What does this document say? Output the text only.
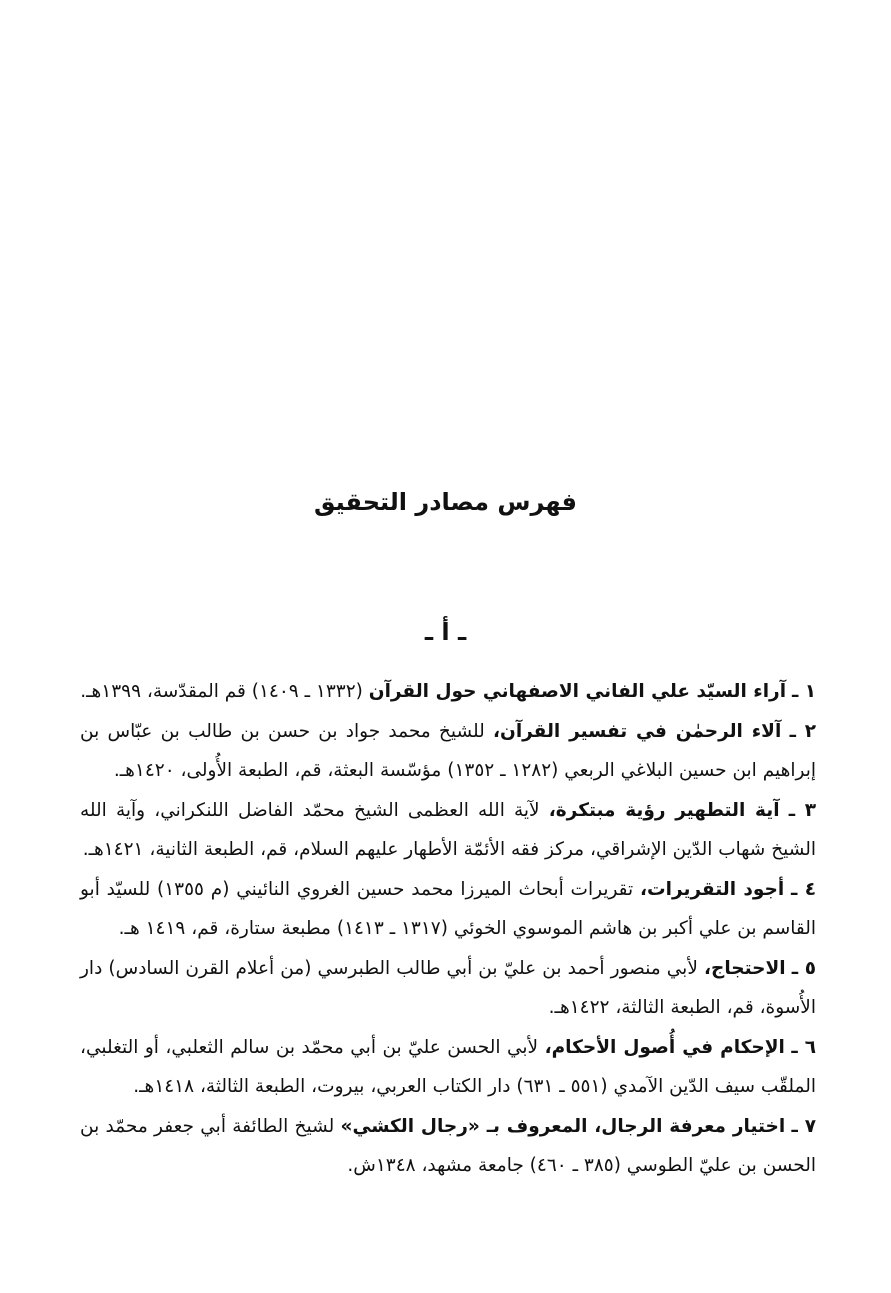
فهرس مصادر التحقيق
ـ أ ـ

١ ـ آراء السيّد علي الفاني الاصفهاني حول القرآن (١٣٣٢ ـ ١٤٠٩) قم المقدّسة، ١٣٩٩هـ.

٢ ـ آلاء الرحمٰن في تفسير القرآن، للشيخ محمد جواد بن حسن بن طالب بن عبّاس بن إبراهيم ابن حسين البلاغي الربعي (١٢٨٢ ـ ١٣٥٢) مؤسّسة البعثة، قم، الطبعة الأُولى، ١٤٢٠هـ.

٣ ـ آية التطهير رؤية مبتكرة، لآية الله العظمى الشيخ محمّد الفاضل اللنكراني، وآية الله الشيخ شهاب الدّين الإشراقي، مركز فقه الأئمّة الأطهار عليهم السلام، قم، الطبعة الثانية، ١٤٢١هـ.

٤ ـ أجود التقريرات، تقريرات أبحاث الميرزا محمد حسين الغروي النائيني (م ١٣٥٥) للسيّد أبو القاسم بن علي أكبر بن هاشم الموسوي الخوئي (١٣١٧ ـ ١٤١٣) مطبعة ستارة، قم، ١٤١٩ هـ.

٥ ـ الاحتجاج، لأبي منصور أحمد بن عليّ بن أبي طالب الطبرسي (من أعلام القرن السادس) دار الأُسوة، قم، الطبعة الثالثة، ١٤٢٢هـ.

٦ ـ الإحكام في أُصول الأحكام، لأبي الحسن عليّ بن أبي محمّد بن سالم الثعلبي، أو التغلبي، الملقّب سيف الدّين الآمدي (٥٥١ ـ ٦٣١) دار الكتاب العربي، بيروت، الطبعة الثالثة، ١٤١٨هـ.

٧ ـ اختيار معرفة الرجال، المعروف بـ «رجال الكشي» لشيخ الطائفة أبي جعفر محمّد بن الحسن بن عليّ الطوسي (٣٨٥ ـ ٤٦٠) جامعة مشهد، ١٣٤٨ش.
